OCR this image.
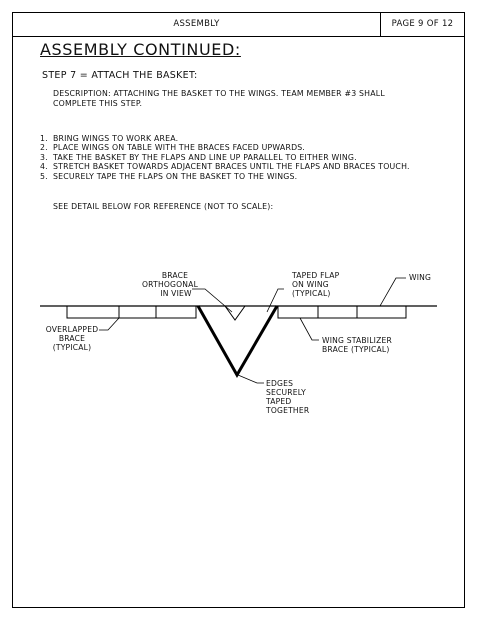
ASSEMBLY	PAGE 9 OF 12
ASSEMBLY CONTINUED:
STEP 7 = ATTACH THE BASKET:
DESCRIPTION: ATTACHING THE BASKET TO THE WINGS. TEAM MEMBER #3 SHALL COMPLETE THIS STEP.
1. BRING WINGS TO WORK AREA.
2. PLACE WINGS ON TABLE WITH THE BRACES FACED UPWARDS.
3. TAKE THE BASKET BY THE FLAPS AND LINE UP PARALLEL TO EITHER WING.
4. STRETCH BASKET TOWARDS ADJACENT BRACES UNTIL THE FLAPS AND BRACES TOUCH.
5. SECURELY TAPE THE FLAPS ON THE BASKET TO THE WINGS.
SEE DETAIL BELOW FOR REFERENCE (NOT TO SCALE):
BRACE
ORTHOGONAL
IN VIEW
TAPED FLAP
ON WING
(TYPICAL)
WING
OVERLAPPED
BRACE
(TYPICAL)
WING STABILIZER
BRACE (TYPICAL)
EDGES
SECURELY
TAPED
TOGETHER
